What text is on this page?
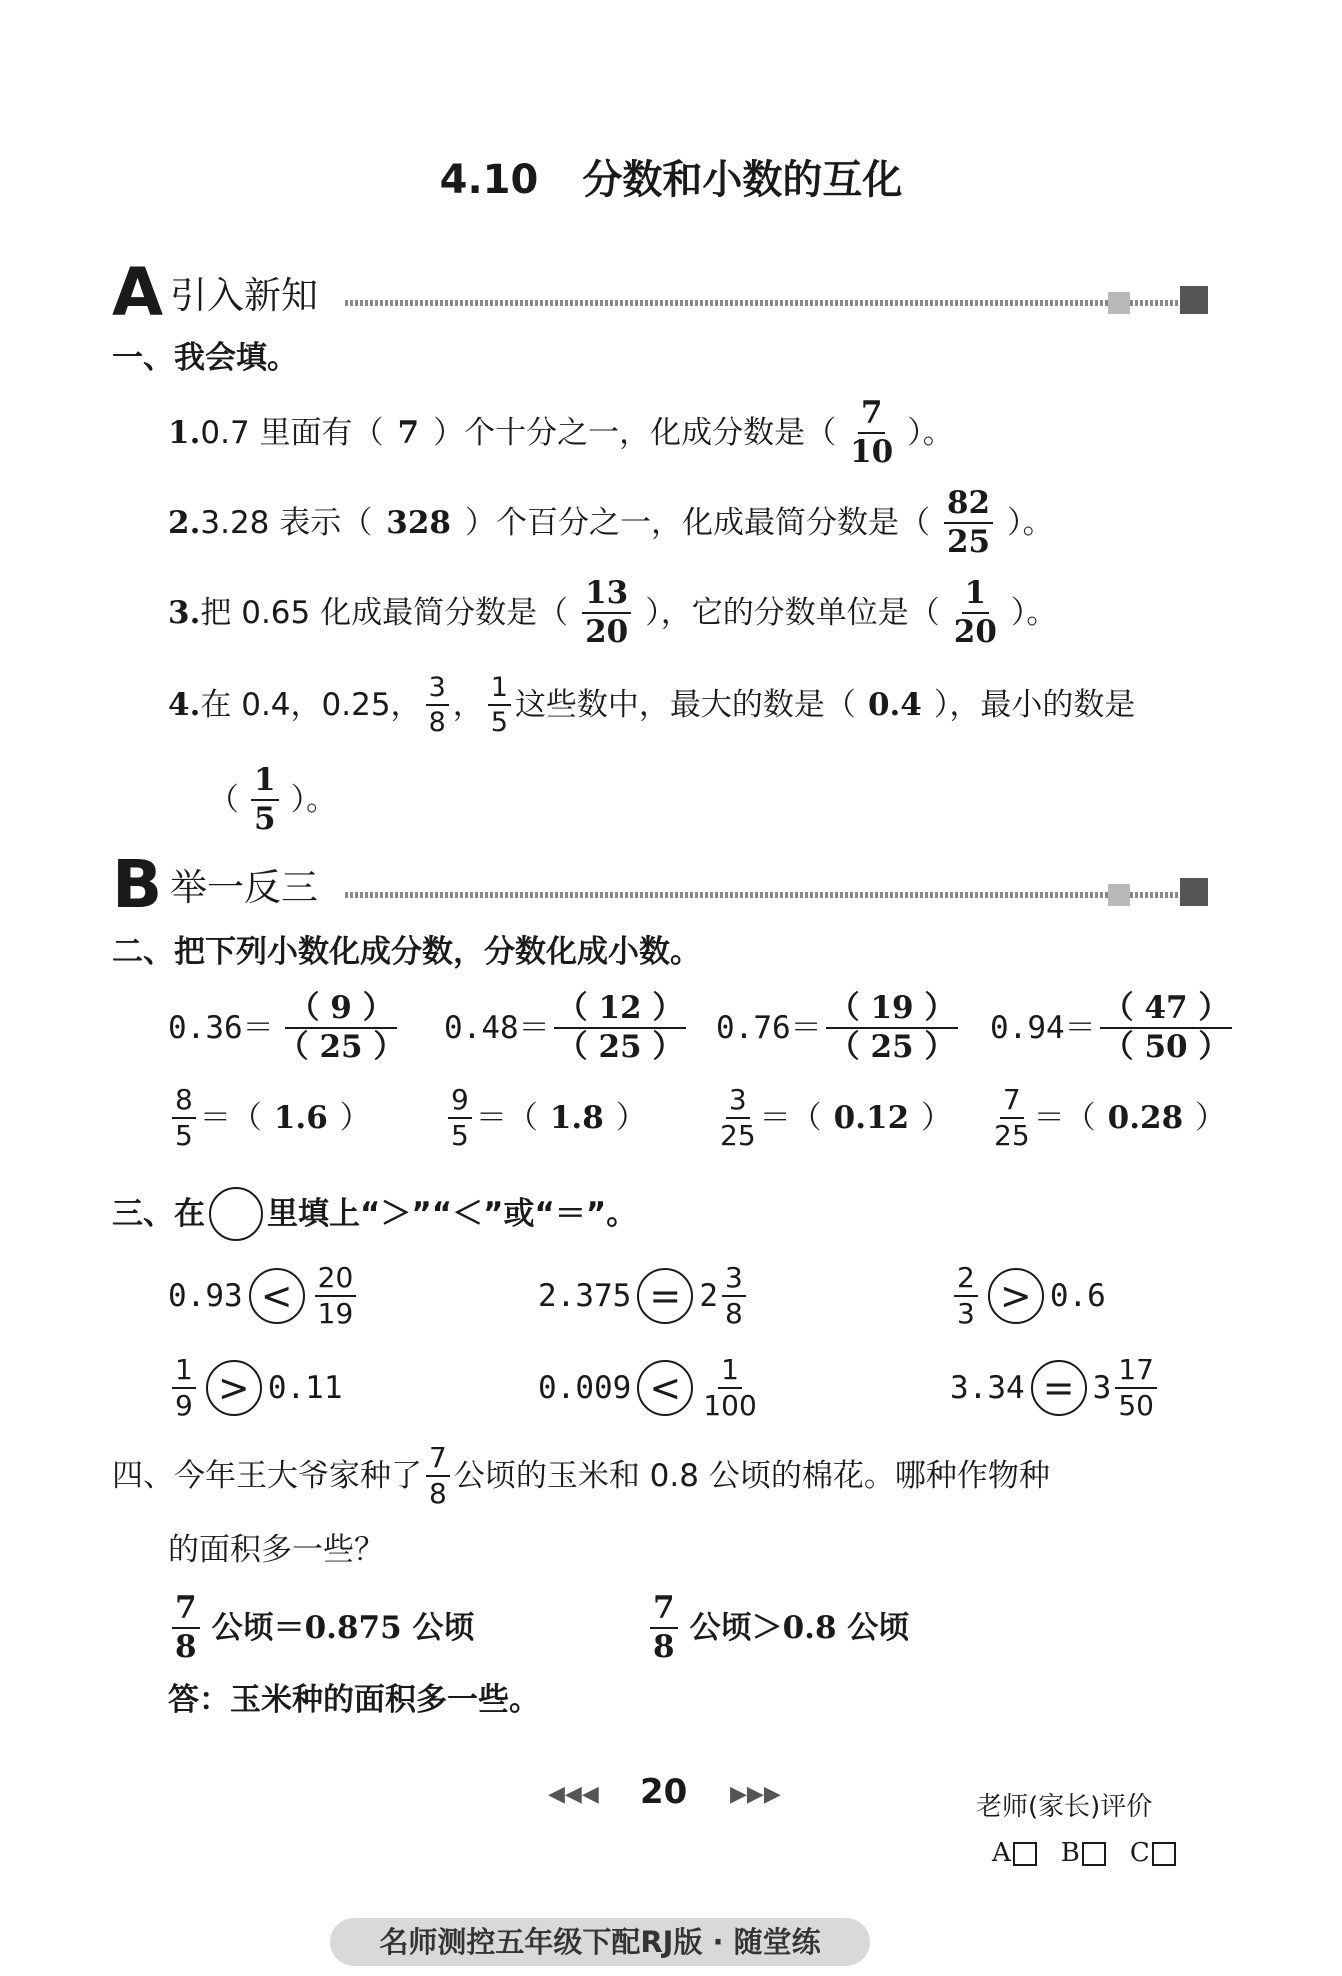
4.10 分数和小数的互化
A 引入新知
一、我会填。
1. 0.7 里面有（ 7 ）个十分之一，化成分数是（ $\frac{7}{10}$ ）。
2. 3.28 表示（ 328 ）个百分之一，化成最简分数是（ $\frac{82}{25}$ ）。
3. 把 0.65 化成最简分数是（ $\frac{13}{20}$ ），它的分数单位是（ $\frac{1}{20}$ ）。
4. 在 0.4，0.25， $\frac{3}{8}$ ， $\frac{1}{5}$ 这些数中，最大的数是（ 0.4 ），最小的数是
（ $\frac{1}{5}$ ）。
B 举一反三
二、把下列小数化成分数，分数化成小数。
$0.36= \frac{( 9 )}{( 25 )} 0.48= \frac{( 12 )}{( 25 )} 0.76= \frac{( 19 )}{( 25 )} 0.94= \frac{( 47 )}{( 50 )}$
$\frac{8}{5}$ ＝（ 1.6 ）	$\frac{9}{5}$ ＝（ 1.8 ）	$\frac{3}{25}$ ＝（ 0.12 ） $\frac{7}{25}$ ＝（ 0.28 ）
三、在 里填上“＞”“＜”或“＝”。
$0.93 < \frac{20}{19}$	$2.375 = 2 \frac{3}{8}$	$\frac{2}{3} > 0.6$
$\frac{1}{9} > 0.11$	$0.009 < \frac{1}{100}$	$3.34 = 3 \frac{17}{50}$
四、今年王大爷家种了 $\frac{7}{8}$ 公顷的玉米和 0.8 公顷的棉花。哪种作物种
的面积多一些？
$\frac{7}{8}$ 公顷＝0.875 公顷	$\frac{7}{8}$ 公顷＞0.8 公顷
答：玉米种的面积多一些。
◀◀◀ 20 ▶▶▶	老师(家长)评价
A	B	C
名师测控五年级下配RJ版 · 随堂练
